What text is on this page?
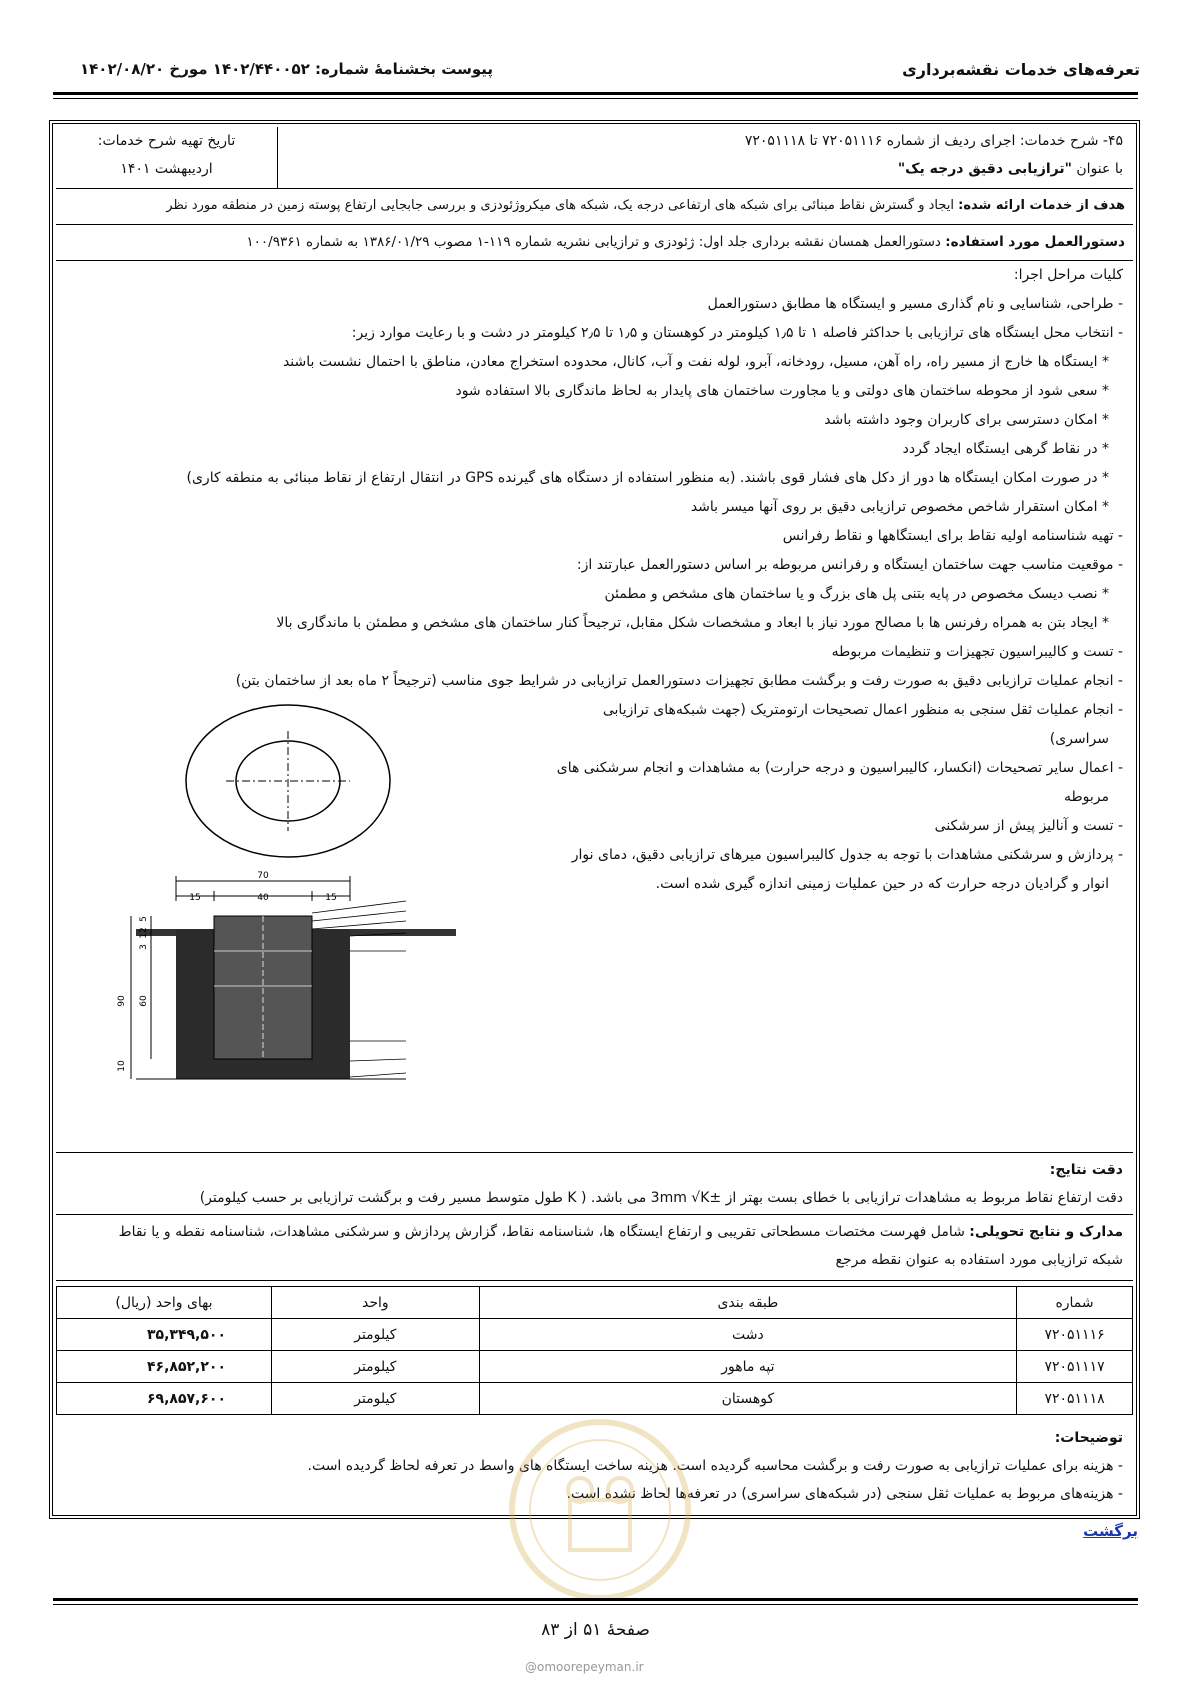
تعرفه‌های خدمات نقشه‌برداری
پیوست بخشنامهٔ شماره: ۱۴۰۲/۴۴۰۰۵۲ مورخ ۱۴۰۲/۰۸/۲۰
۴۵- شرح خدمات: اجرای ردیف از شماره ۷۲۰۵۱۱۱۶ تا ۷۲۰۵۱۱۱۸
با عنوان "ترازیابی دقیق درجه یک"
تاریخ تهیه شرح خدمات:
اردیبهشت ۱۴۰۱
هدف از خدمات ارائه شده: ایجاد و گسترش نقاط مبنائی برای شبکه های ارتفاعی درجه یک، شبکه های میکروژئودزی و بررسی جابجایی ارتفاع پوسته زمین در منطقه مورد نظر
دستورالعمل مورد استفاده: دستورالعمل همسان نقشه برداری جلد اول: ژئودزی و ترازیابی نشریه شماره ۱۱۹-۱ مصوب ۱۳۸۶/۰۱/۲۹ به شماره ۱۰۰/۹۳۶۱
کلیات مراحل اجرا:
- طراحی، شناسایی و نام گذاری مسیر و ایستگاه ها مطابق دستورالعمل
- انتخاب محل ایستگاه های ترازیابی با حداکثر فاصله ۱ تا ۱٫۵ کیلومتر در کوهستان و ۱٫۵ تا ۲٫۵ کیلومتر در دشت و با رعایت موارد زیر:
* ایستگاه ها خارج از مسیر راه، راه آهن، مسیل، رودخانه، آبرو، لوله نفت و آب، کانال، محدوده استخراج معادن، مناطق با احتمال نشست باشند
* سعی شود از محوطه ساختمان های دولتی و یا مجاورت ساختمان های پایدار به لحاظ ماندگاری بالا استفاده شود
* امکان دسترسی برای کاربران وجود داشته باشد
* در نقاط گرهی ایستگاه ایجاد گردد
* در صورت امکان ایستگاه ها دور از دکل های فشار قوی باشند. (به منظور استفاده از دستگاه های گیرنده GPS در انتقال ارتفاع از نقاط مبنائی به منطقه کاری)
* امکان استقرار شاخص مخصوص ترازیابی دقیق بر روی آنها میسر باشد
- تهیه شناسنامه اولیه نقاط برای ایستگاهها و نقاط رفرانس
- موقعیت مناسب جهت ساختمان ایستگاه و رفرانس مربوطه بر اساس دستورالعمل عبارتند از:
* نصب دیسک مخصوص در پایه بتنی پل های بزرگ و یا ساختمان های مشخص و مطمئن
* ایجاد بتن به همراه رفرنس ها با مصالح مورد نیاز با ابعاد و مشخصات شکل مقابل، ترجیحاً کنار ساختمان های مشخص و مطمئن با ماندگاری بالا
- تست و کالیبراسیون تجهیزات و تنظیمات مربوطه
- انجام عملیات ترازیابی دقیق به صورت رفت و برگشت مطابق تجهیزات دستورالعمل ترازیابی در شرایط جوی مناسب (ترجیحاً ۲ ماه بعد از ساختمان بتن)
- انجام عملیات ثقل سنجی به منظور اعمال تصحیحات ارتومتریک (جهت شبکه‌های ترازیابی
سراسری)
- اعمال سایر تصحیحات (انکسار، کالیبراسیون و درجه حرارت) به مشاهدات و انجام سرشکنی های
مربوطه
- تست و آنالیز پیش از سرشکنی
- پردازش و سرشکنی مشاهدات با توجه به جدول کالیبراسیون میرهای ترازیابی دقیق، دمای نوار
انوار و گرادیان درجه حرارت که در حین عملیات زمینی اندازه گیری شده است.
70
15	40	15
90 60
10
5
12
3
دقت نتایج:
دقت ارتفاع نقاط مربوط به مشاهدات ترازیابی با خطای بست بهتر از ±3mm √K می باشد. ( K طول متوسط مسیر رفت و برگشت ترازیابی بر حسب کیلومتر)
مدارک و نتایج تحویلی: شامل فهرست مختصات مسطحاتی تقریبی و ارتفاع ایستگاه ها، شناسنامه نقاط، گزارش پردازش و سرشکنی مشاهدات، شناسنامه نقطه و یا نقاط
شبکه ترازیابی مورد استفاده به عنوان نقطه مرجع
شماره	طبقه بندی	واحد	بهای واحد (ریال)
۷۲۰۵۱۱۱۶	دشت	کیلومتر	۳۵,۳۴۹,۵۰۰
۷۲۰۵۱۱۱۷	تپه ماهور	کیلومتر	۴۶,۸۵۲,۲۰۰
۷۲۰۵۱۱۱۸	کوهستان	کیلومتر	۶۹,۸۵۷,۶۰۰
توضیحات:
- هزینه برای عملیات ترازیابی به صورت رفت و برگشت محاسبه گردیده است. هزینه ساخت ایستگاه های واسط در تعرفه لحاظ گردیده است.
- هزینه‌های مربوط به عملیات ثقل سنجی (در شبکه‌های سراسری) در تعرفه‌ها لحاظ نشده است.
برگشت
صفحهٔ ۵۱ از ۸۳
@omoorepeyman.ir
